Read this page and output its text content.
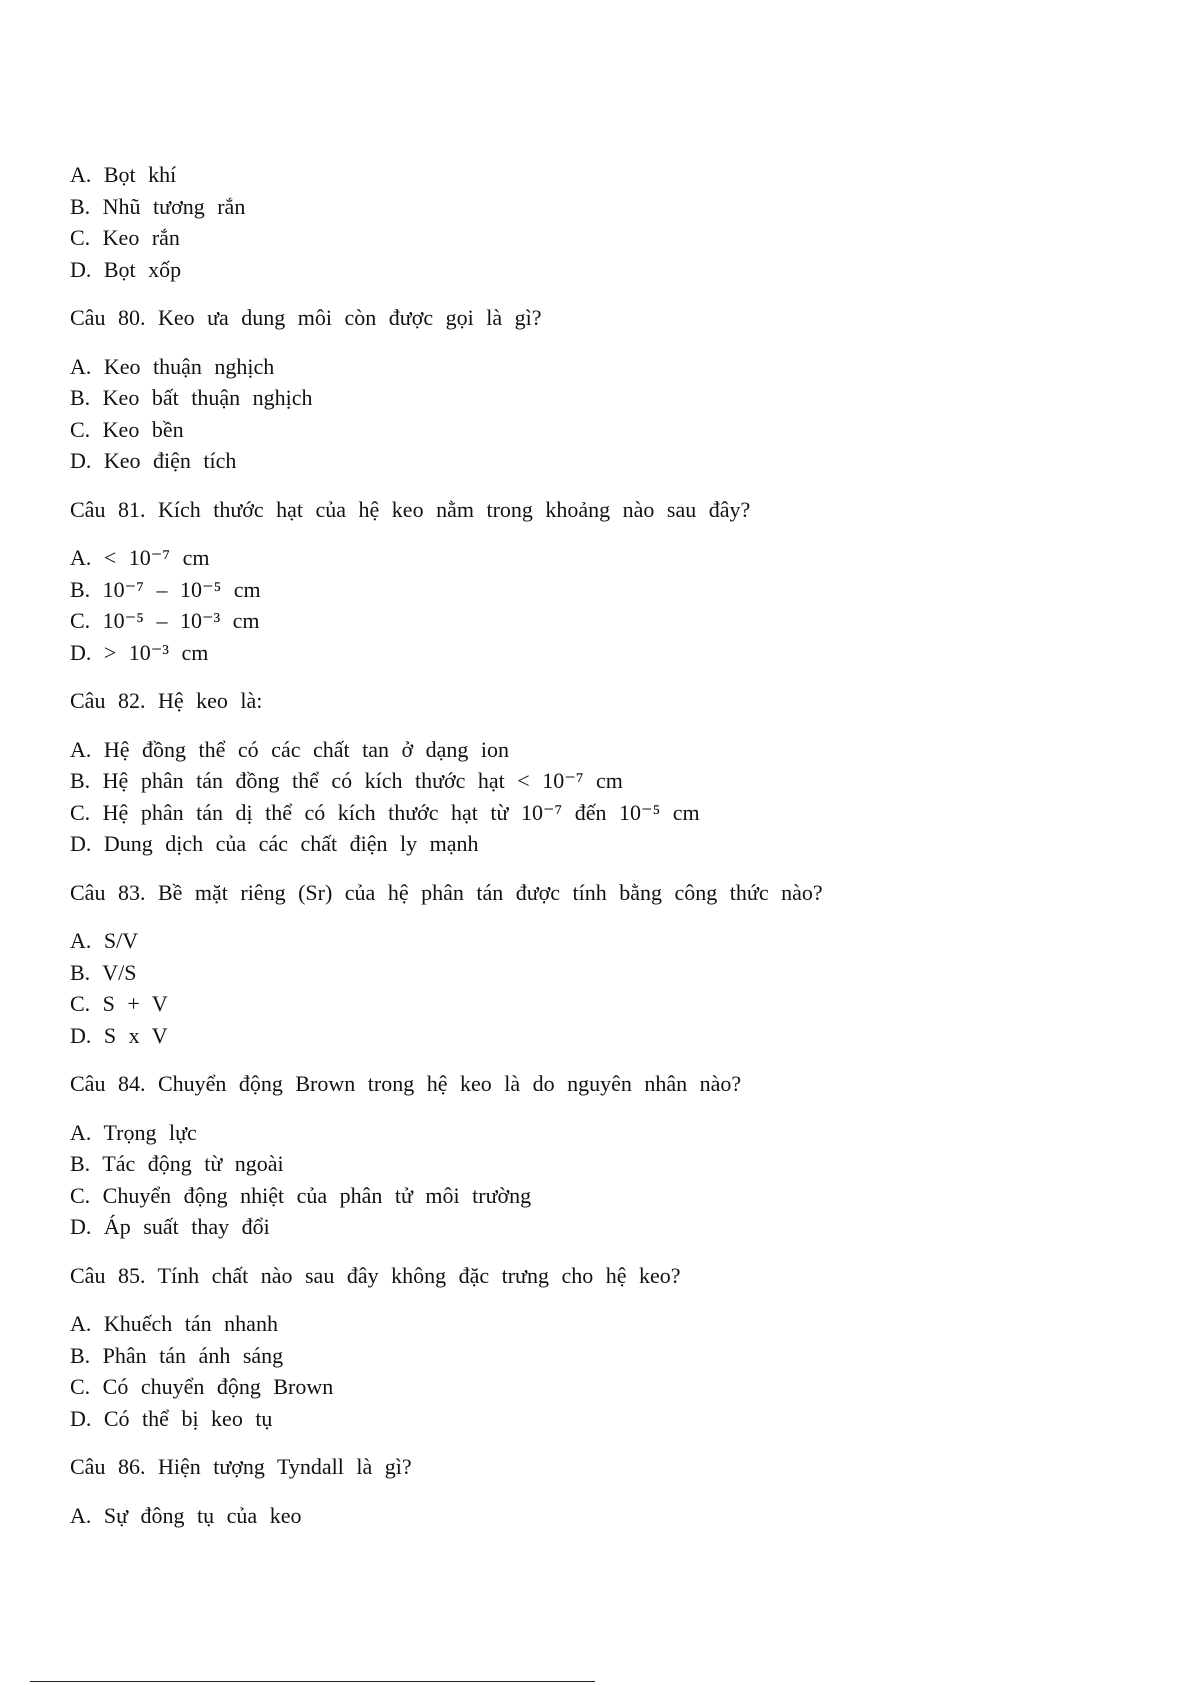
A. Bọt khí
B. Nhũ tương rắn
C. Keo rắn
D. Bọt xốp
Câu 80. Keo ưa dung môi còn được gọi là gì?
A. Keo thuận nghịch
B. Keo bất thuận nghịch
C. Keo bền
D. Keo điện tích
Câu 81. Kích thước hạt của hệ keo nằm trong khoảng nào sau đây?
A. < 10⁻⁷ cm
B. 10⁻⁷ – 10⁻⁵ cm
C. 10⁻⁵ – 10⁻³ cm
D. > 10⁻³ cm
Câu 82. Hệ keo là:
A. Hệ đồng thể có các chất tan ở dạng ion
B. Hệ phân tán đồng thể có kích thước hạt < 10⁻⁷ cm
C. Hệ phân tán dị thể có kích thước hạt từ 10⁻⁷ đến 10⁻⁵ cm
D. Dung dịch của các chất điện ly mạnh
Câu 83. Bề mặt riêng (Sr) của hệ phân tán được tính bằng công thức nào?
A. S/V
B. V/S
C. S + V
D. S x V
Câu 84. Chuyển động Brown trong hệ keo là do nguyên nhân nào?
A. Trọng lực
B. Tác động từ ngoài
C. Chuyển động nhiệt của phân tử môi trường
D. Áp suất thay đổi
Câu 85. Tính chất nào sau đây không đặc trưng cho hệ keo?
A. Khuếch tán nhanh
B. Phân tán ánh sáng
C. Có chuyển động Brown
D. Có thể bị keo tụ
Câu 86. Hiện tượng Tyndall là gì?
A. Sự đông tụ của keo
